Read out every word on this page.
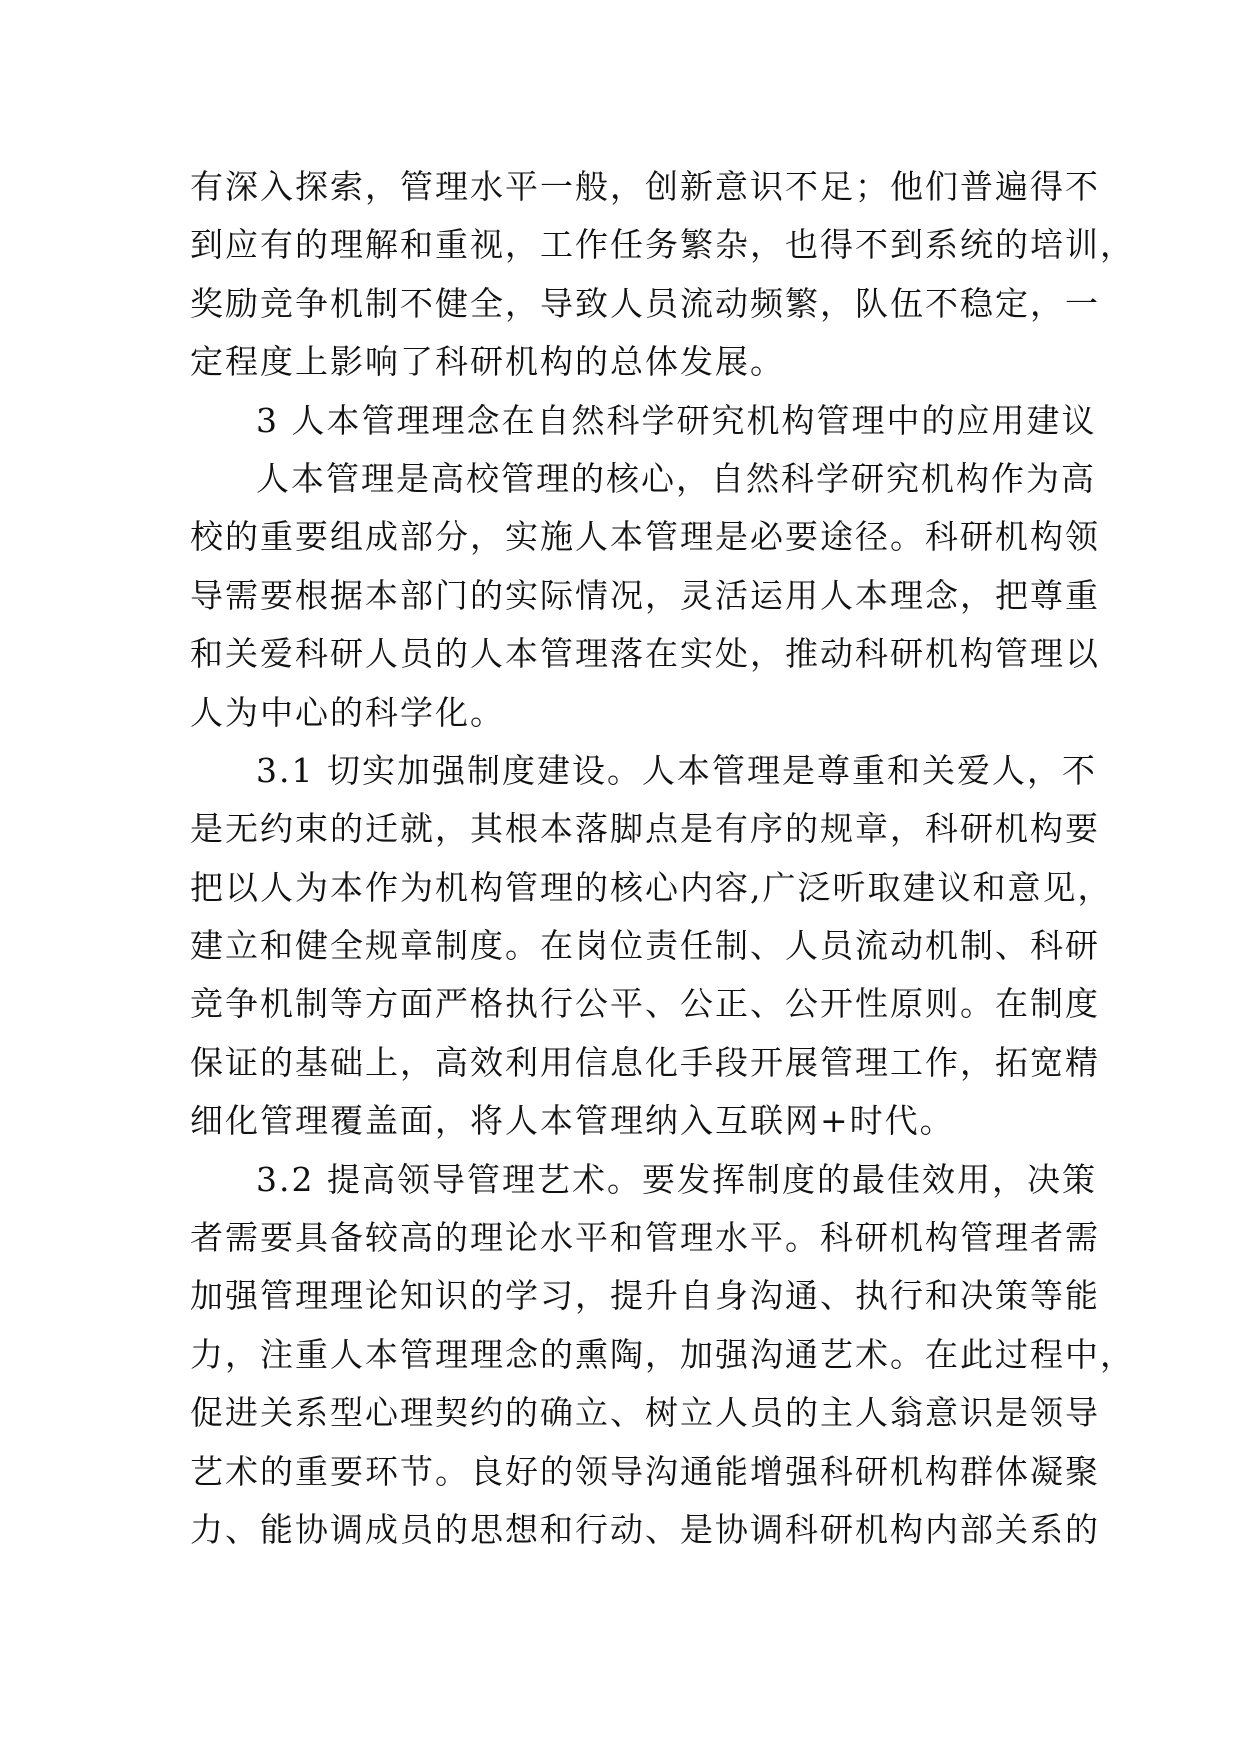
有深入探索，管理水平一般，创新意识不足；他们普遍得不
到应有的理解和重视，工作任务繁杂，也得不到系统的培训，
奖励竞争机制不健全，导致人员流动频繁，队伍不稳定，一
定程度上影响了科研机构的总体发展。
3 人本管理理念在自然科学研究机构管理中的应用建议
人本管理是高校管理的核心，自然科学研究机构作为高
校的重要组成部分，实施人本管理是必要途径。科研机构领
导需要根据本部门的实际情况，灵活运用人本理念，把尊重
和关爱科研人员的人本管理落在实处，推动科研机构管理以
人为中心的科学化。
3.1 切实加强制度建设。人本管理是尊重和关爱人，不
是无约束的迁就，其根本落脚点是有序的规章，科研机构要
把以人为本作为机构管理的核心内容,广泛听取建议和意见，
建立和健全规章制度。在岗位责任制、人员流动机制、科研
竞争机制等方面严格执行公平、公正、公开性原则。在制度
保证的基础上，高效利用信息化手段开展管理工作，拓宽精
细化管理覆盖面，将人本管理纳入互联网+时代。
3.2 提高领导管理艺术。要发挥制度的最佳效用，决策
者需要具备较高的理论水平和管理水平。科研机构管理者需
加强管理理论知识的学习，提升自身沟通、执行和决策等能
力，注重人本管理理念的熏陶，加强沟通艺术。在此过程中，
促进关系型心理契约的确立、树立人员的主人翁意识是领导
艺术的重要环节。良好的领导沟通能增强科研机构群体凝聚
力、能协调成员的思想和行动、是协调科研机构内部关系的
